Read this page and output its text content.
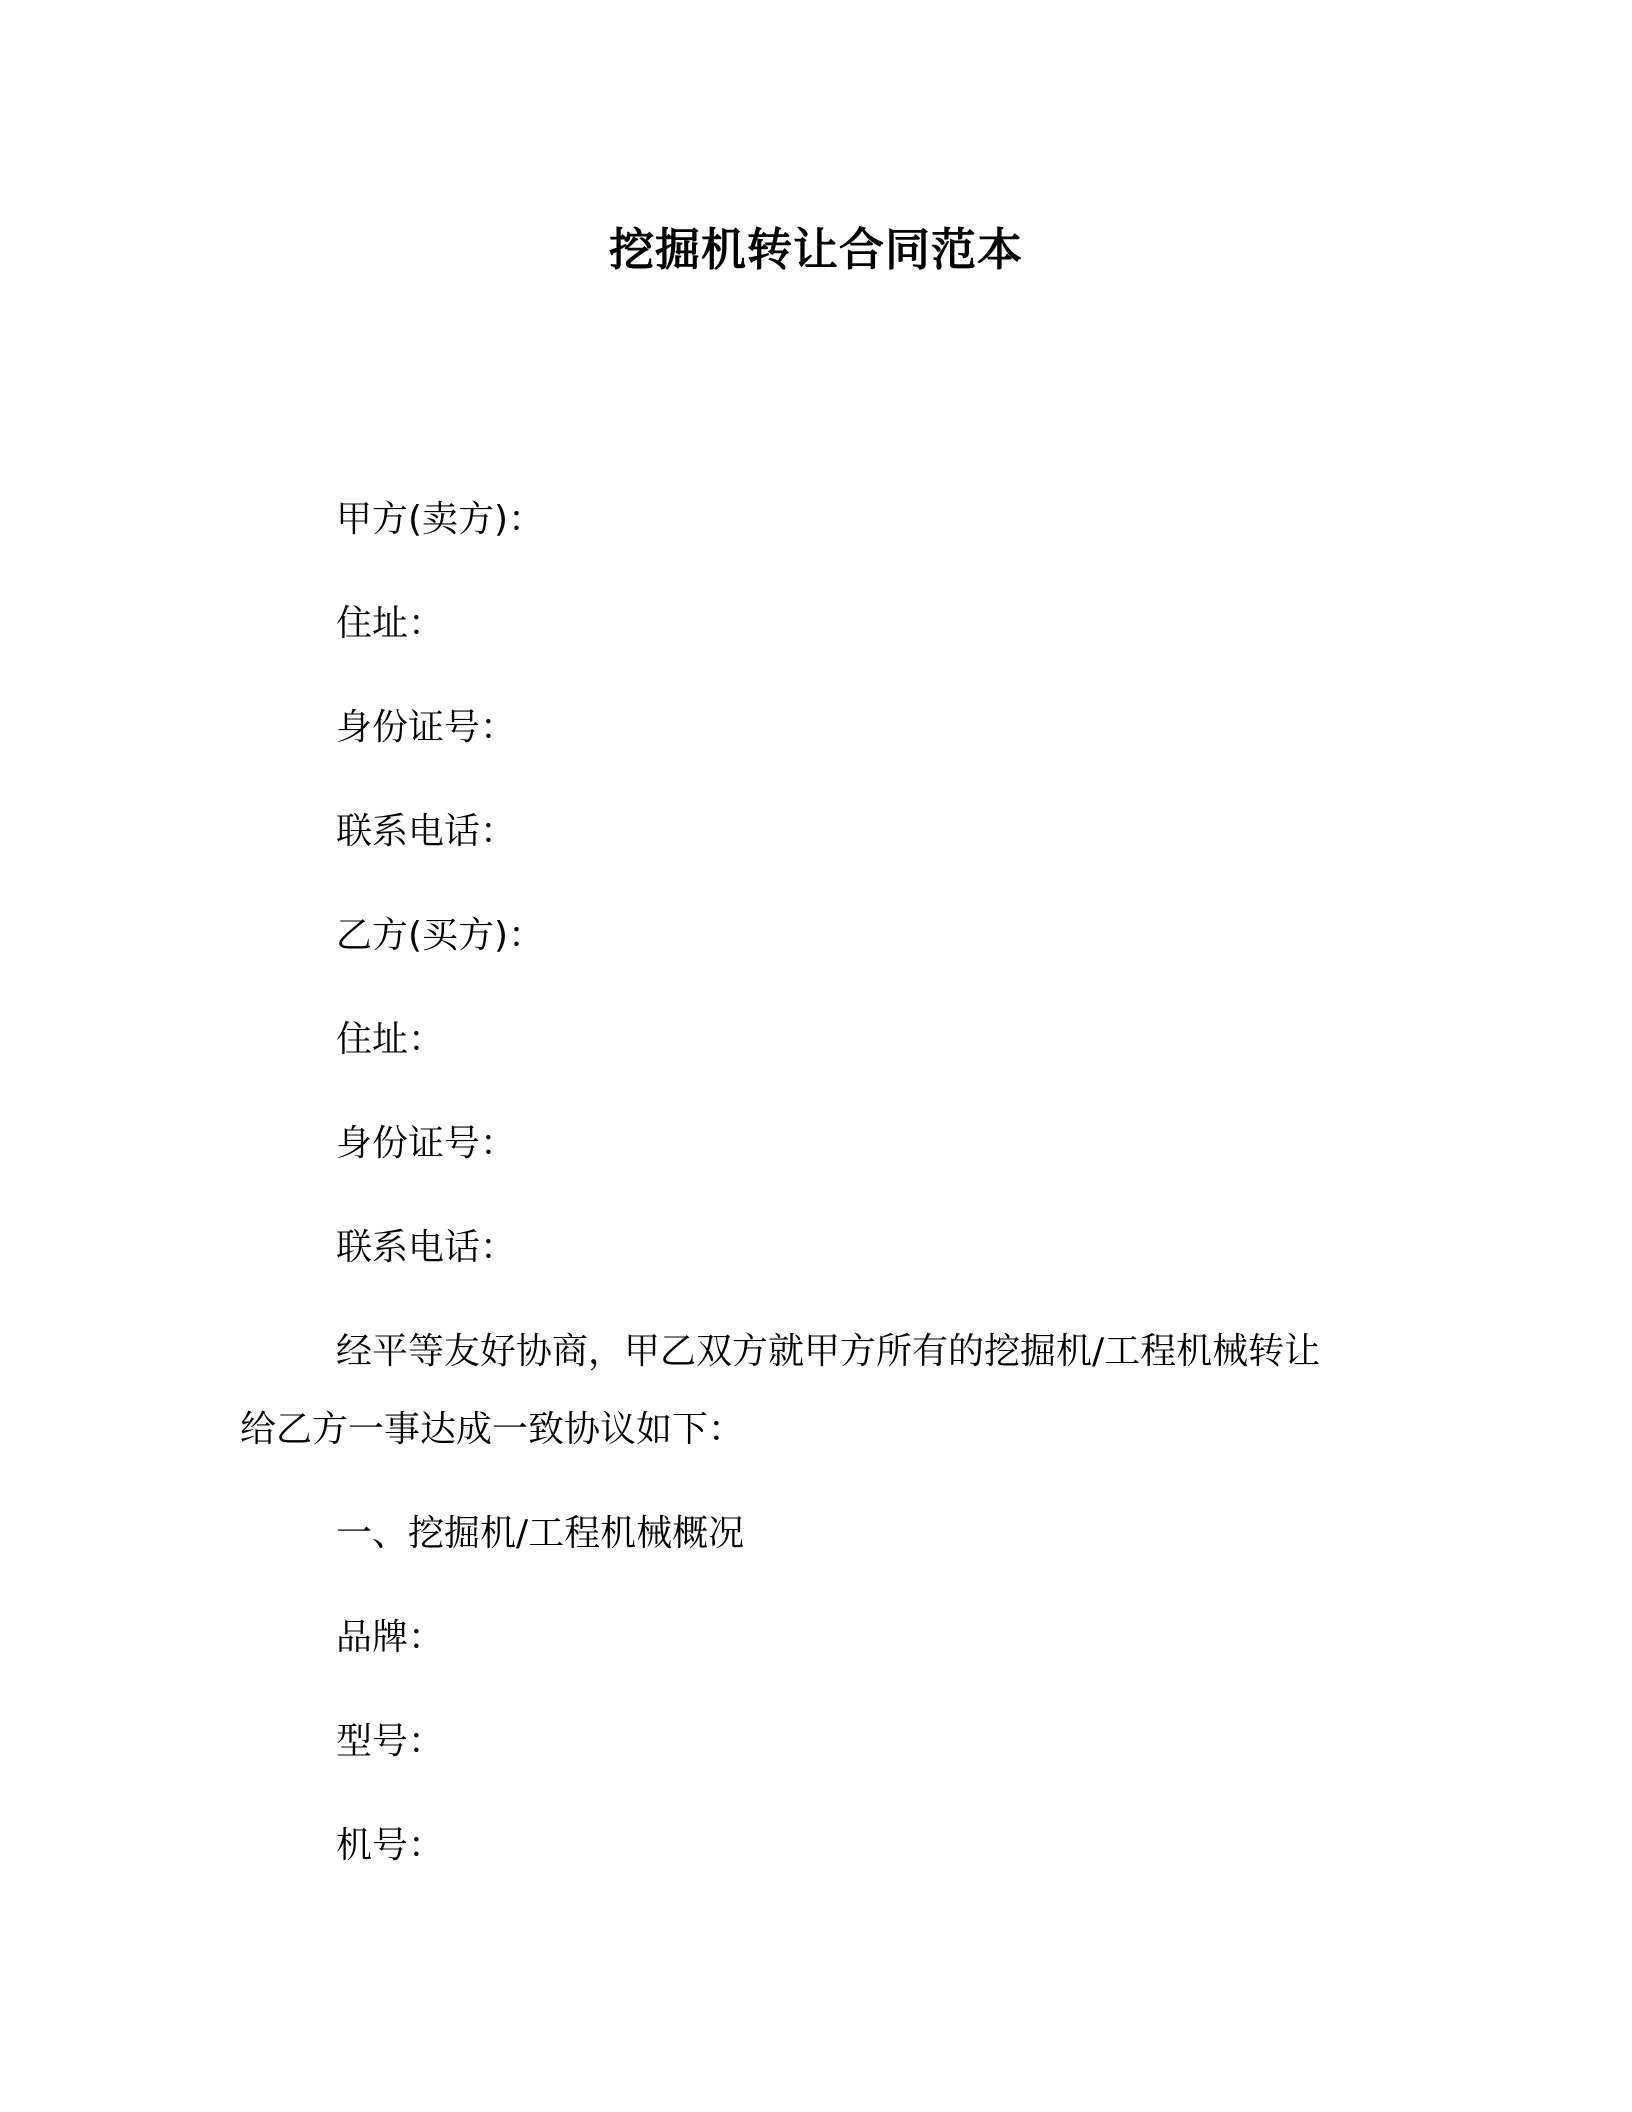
挖掘机转让合同范本
甲方(卖方)：
住址：
身份证号：
联系电话：
乙方(买方)：
住址：
身份证号：
联系电话：
经平等友好协商，甲乙双方就甲方所有的挖掘机/工程机械转让
给乙方一事达成一致协议如下：
一、挖掘机/工程机械概况
品牌：
型号：
机号：
